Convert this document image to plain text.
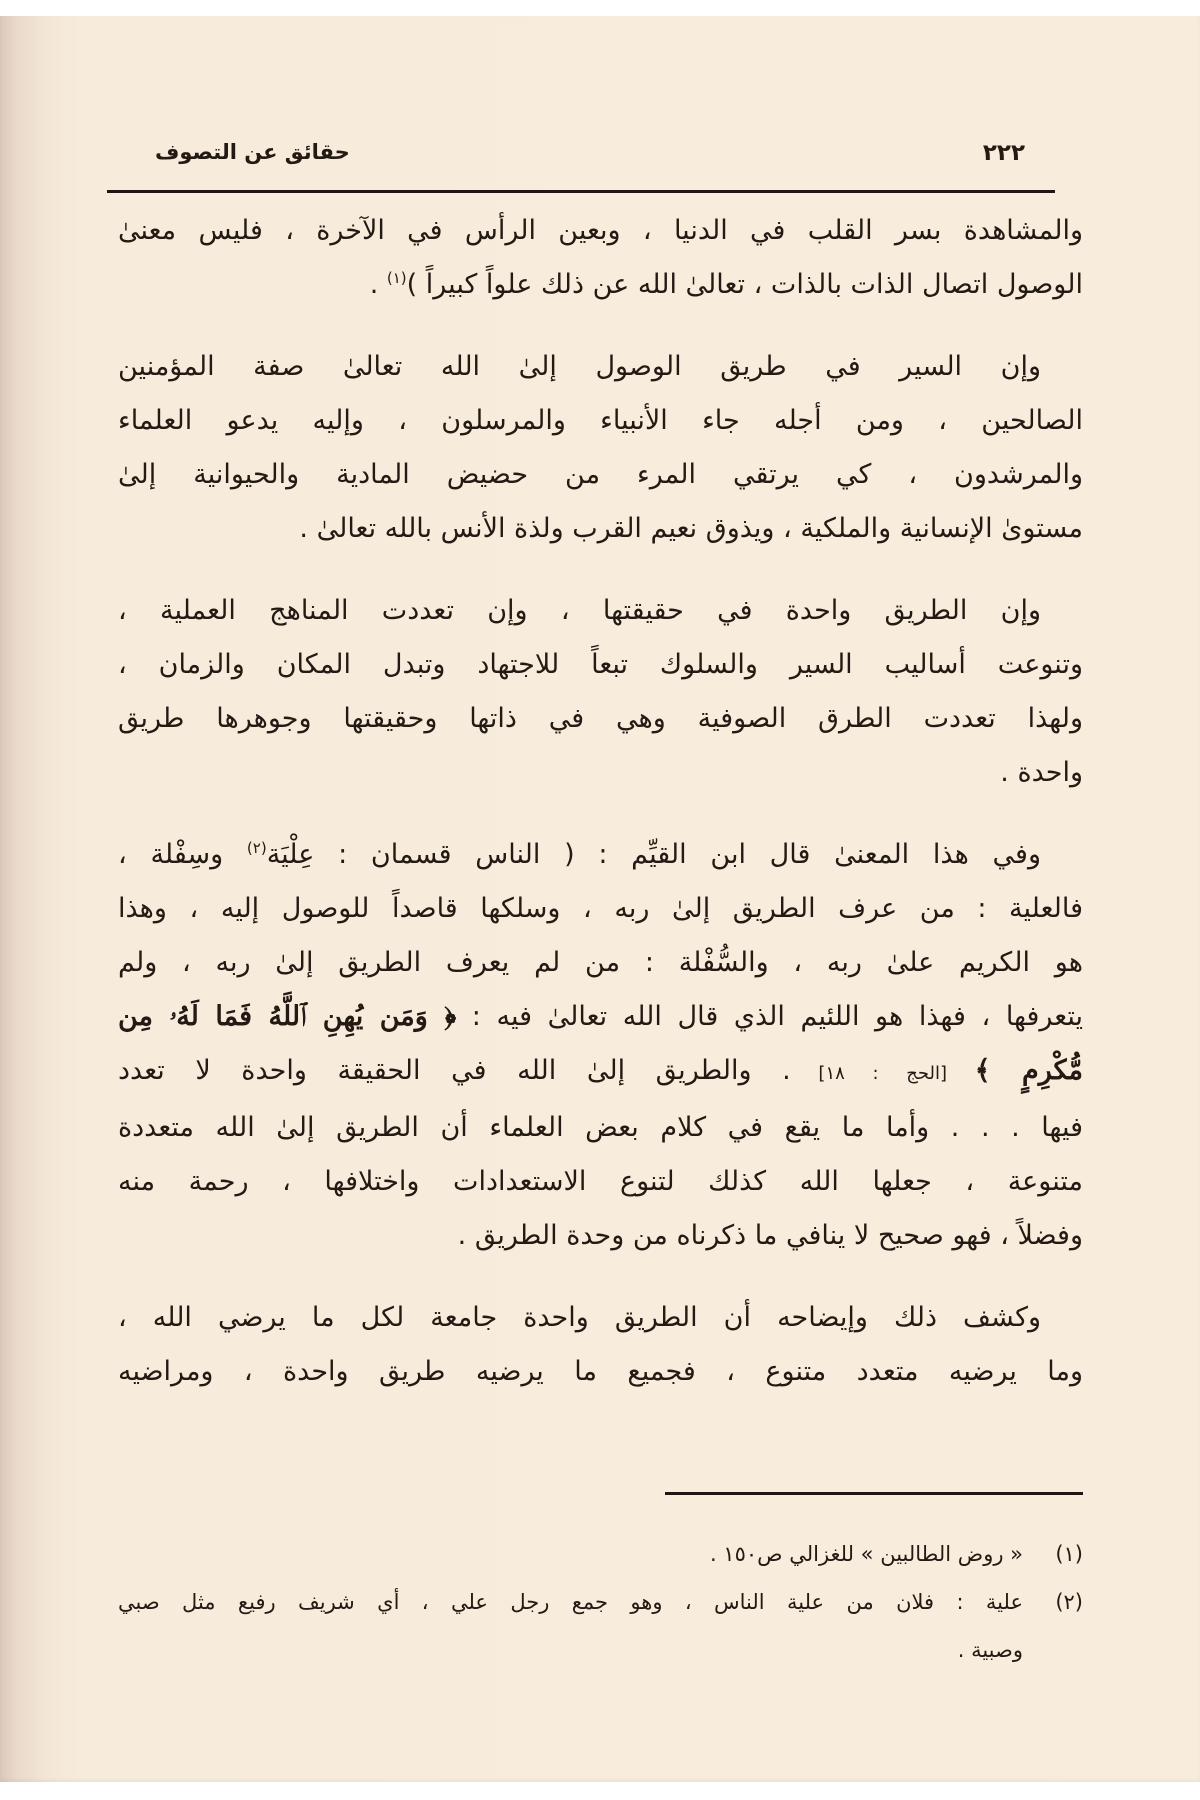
٢٢٢
حقائق عن التصوف

والمشاهدة بسر القلب في الدنيا ، وبعين الرأس في الآخرة ، فليس معنىٰ
الوصول اتصال الذات بالذات ، تعالىٰ الله عن ذلك علواً كبيراً )$^{(١)}$ .

وإن السير في طريق الوصول إلىٰ الله تعالىٰ صفة المؤمنين
الصالحين ، ومن أجله جاء الأنبياء والمرسلون ، وإليه يدعو العلماء
والمرشدون ، كي يرتقي المرء من حضيض المادية والحيوانية إلىٰ
مستوىٰ الإنسانية والملكية ، ويذوق نعيم القرب ولذة الأنس بالله تعالىٰ .

وإن الطريق واحدة في حقيقتها ، وإن تعددت المناهج العملية ،
وتنوعت أساليب السير والسلوك تبعاً للاجتهاد وتبدل المكان والزمان ،
ولهذا تعددت الطرق الصوفية وهي في ذاتها وحقيقتها وجوهرها طريق
واحدة .

وفي هذا المعنىٰ قال ابن القيِّم : ( الناس قسمان : عِلْيَة$^{(٢)}$ وسِفْلة ،
فالعلية : من عرف الطريق إلىٰ ربه ، وسلكها قاصداً للوصول إليه ، وهذا
هو الكريم علىٰ ربه ، والسُّفْلة : من لم يعرف الطريق إلىٰ ربه ، ولم
يتعرفها ، فهذا هو اللئيم الذي قال الله تعالىٰ فيه : ﴿ وَمَن يُهِنِ ٱللَّهُ فَمَا لَهُۥ مِن
مُّكْرِمٍ ﴾ [الحج : ١٨] . والطريق إلىٰ الله في الحقيقة واحدة لا تعدد
فيها . . . وأما ما يقع في كلام بعض العلماء أن الطريق إلىٰ الله متعددة
متنوعة ، جعلها الله كذلك لتنوع الاستعدادات واختلافها ، رحمة منه
وفضلاً ، فهو صحيح لا ينافي ما ذكرناه من وحدة الطريق .

وكشف ذلك وإيضاحه أن الطريق واحدة جامعة لكل ما يرضي الله ،
وما يرضيه متعدد متنوع ، فجميع ما يرضيه طريق واحدة ، ومراضيه

(١)
« روض الطالبين » للغزالي ص١٥٠ .
(٢)
علية : فلان من علية الناس ، وهو جمع رجل علي ، أي شريف رفيع مثل صبي
وصبية .
